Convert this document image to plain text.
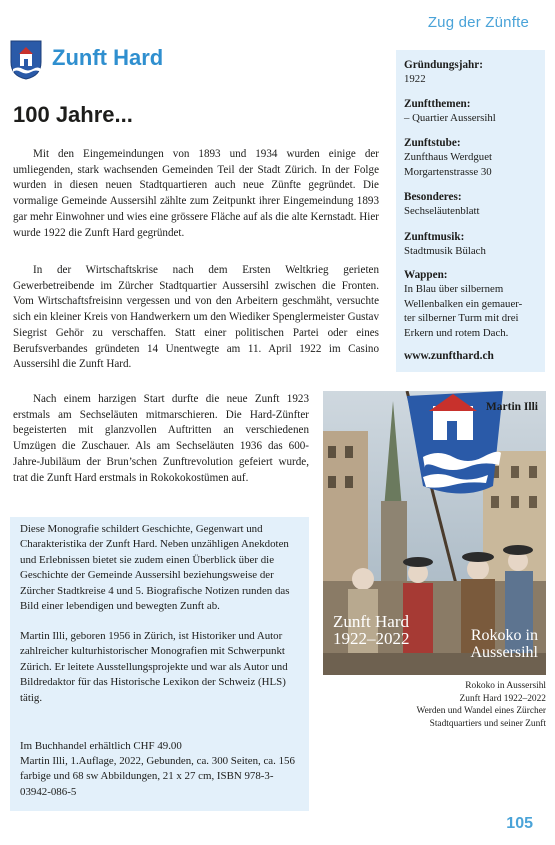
Zug der Zünfte
Zunft Hard
100 Jahre...

Mit den Eingemeindungen von 1893 und 1934 wurden einige der umliegenden, stark wachsenden Gemeinden Teil der Stadt Zürich. In der Folge wurden in diesen neuen Stadtquartieren auch neue Zünfte gegründet. Die vormalige Gemeinde Aussersihl zählte zum Zeitpunkt ihrer Eingemeindung 1893 gar mehr Einwohner und wies eine grössere Fläche auf als die alte Kernstadt. Hier wurde 1922 die Zunft Hard gegründet.

In der Wirtschaftskrise nach dem Ersten Weltkrieg gerieten Gewerbetreibende im Zürcher Stadtquartier Aussersihl zwischen die Fronten. Vom Wirtschaftsfreisinn vergessen und von den Arbeitern geschmäht, versuchte sich ein kleiner Kreis von Handwerkern um den Wiediker Spenglermeister Gustav Siegrist Gehör zu verschaffen. Statt einer politischen Partei oder eines Berufsverbandes gründeten 14 Unentwegte am 11. April 1922 im Casino Aussersihl die Zunft Hard.

Nach einem harzigen Start durfte die neue Zunft 1923 erstmals am Sechseläuten mitmarschieren. Die Hard-Zünfter begeisterten mit glanzvollen Auftritten an verschiedenen Umzügen die Zuschauer. Als am Sechseläuten 1936 das 600-Jahre-Jubiläum der Brun’schen Zunftrevolution gefeiert wurde, trat die Zunft Hard erstmals in Rokokokostümen auf.

Gründungsjahr:
1922
Zunftthemen:
– Quartier Aussersihl
Zunftstube:
Zunfthaus Werdguet
Morgartenstrasse 30
Besonderes:
Sechseläutenblatt
Zunftmusik:
Stadtmusik Bülach
Wappen:
In Blau über silbernem
Wellenbalken ein gemauer-
ter silberner Turm mit drei
Erkern und rotem Dach.
www.zunfthard.ch
Martin Illi
Zunft Hard
1922–2022	Rokoko in
Aussersihl
Rokoko in Aussersihl
Zunft Hard 1922–2022
Werden und Wandel eines Zürcher
Stadtquartiers und seiner Zunft

Diese Monografie schildert Geschichte, Gegenwart und Charakteristika der Zunft Hard. Neben unzähligen Anekdoten und Erlebnissen bietet sie zudem einen Überblick über die Geschichte der Gemeinde Aussersihl beziehungsweise der Zürcher Stadtkreise 4 und 5. Biografische Notizen runden das Bild einer lebendigen und bewegten Zunft ab.

Martin Illi, geboren 1956 in Zürich, ist Historiker und Autor zahlreicher kulturhistorischer Monografien mit Schwerpunkt Zürich. Er leitete Ausstellungsprojekte und war als Autor und Bildredaktor für das Historische Lexikon der Schweiz (HLS) tätig.

Im Buchhandel erhältlich CHF 49.00

Martin Illi, 1.Auflage, 2022, Gebunden, ca. 300 Seiten, ca. 156 farbige und 68 sw Abbildungen, 21 x 27 cm, ISBN 978-3-03942-086-5

105
